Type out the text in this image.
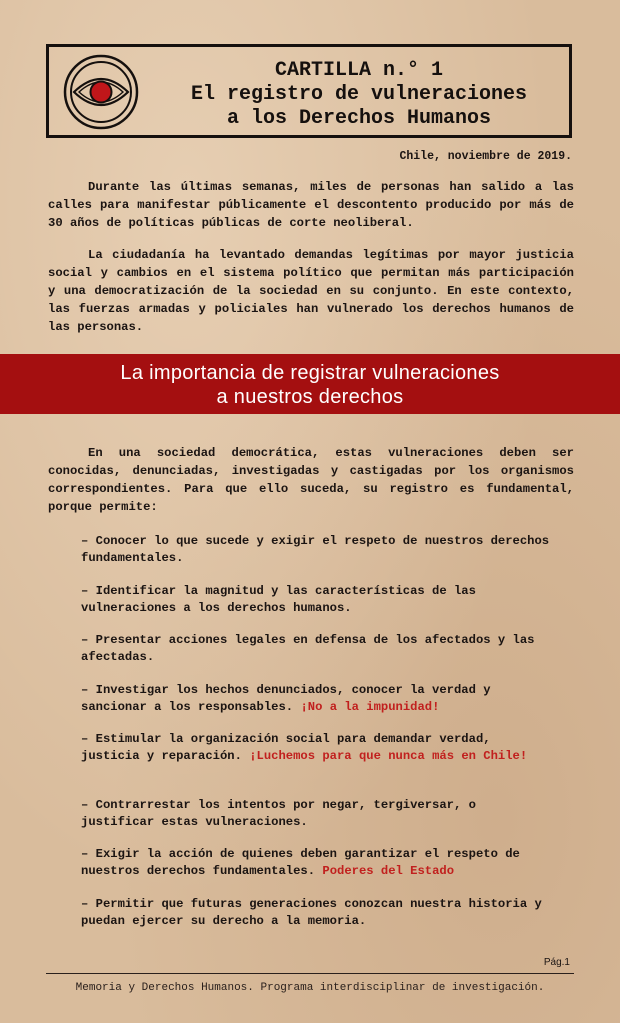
CARTILLA n.° 1
El registro de vulneraciones
a los Derechos Humanos
Chile, noviembre de 2019.

Durante las últimas semanas, miles de personas han salido a las calles para manifestar públicamente el descontento producido por más de 30 años de políticas públicas de corte neoliberal.

La ciudadanía ha levantado demandas legítimas por mayor justicia social y cambios en el sistema político que permitan más participación y una democratización de la sociedad en su conjunto. En este contexto, las fuerzas armadas y policiales han vulnerado los derechos humanos de las personas.

La importancia de registrar vulneraciones
a nuestros derechos

En una sociedad democrática, estas vulneraciones deben ser conocidas, denunciadas, investigadas y castigadas por los organismos correspondientes. Para que ello suceda, su registro es fundamental, porque permite:

– Conocer lo que sucede y exigir el respeto de nuestros derechos fundamentales.

– Identificar la magnitud y las características de las vulneraciones a los derechos humanos.

– Presentar acciones legales en defensa de los afectados y las afectadas.

– Investigar los hechos denunciados, conocer la verdad y sancionar a los responsables. ¡No a la impunidad!

– Estimular la organización social para demandar verdad, justicia y reparación. ¡Luchemos para que nunca más en Chile!

– Contrarrestar los intentos por negar, tergiversar, o justificar estas vulneraciones.

– Exigir la acción de quienes deben garantizar el respeto de nuestros derechos fundamentales. Poderes del Estado

– Permitir que futuras generaciones conozcan nuestra historia y puedan ejercer su derecho a la memoria.

Pág.1
Memoria y Derechos Humanos. Programa interdisciplinar de investigación.
